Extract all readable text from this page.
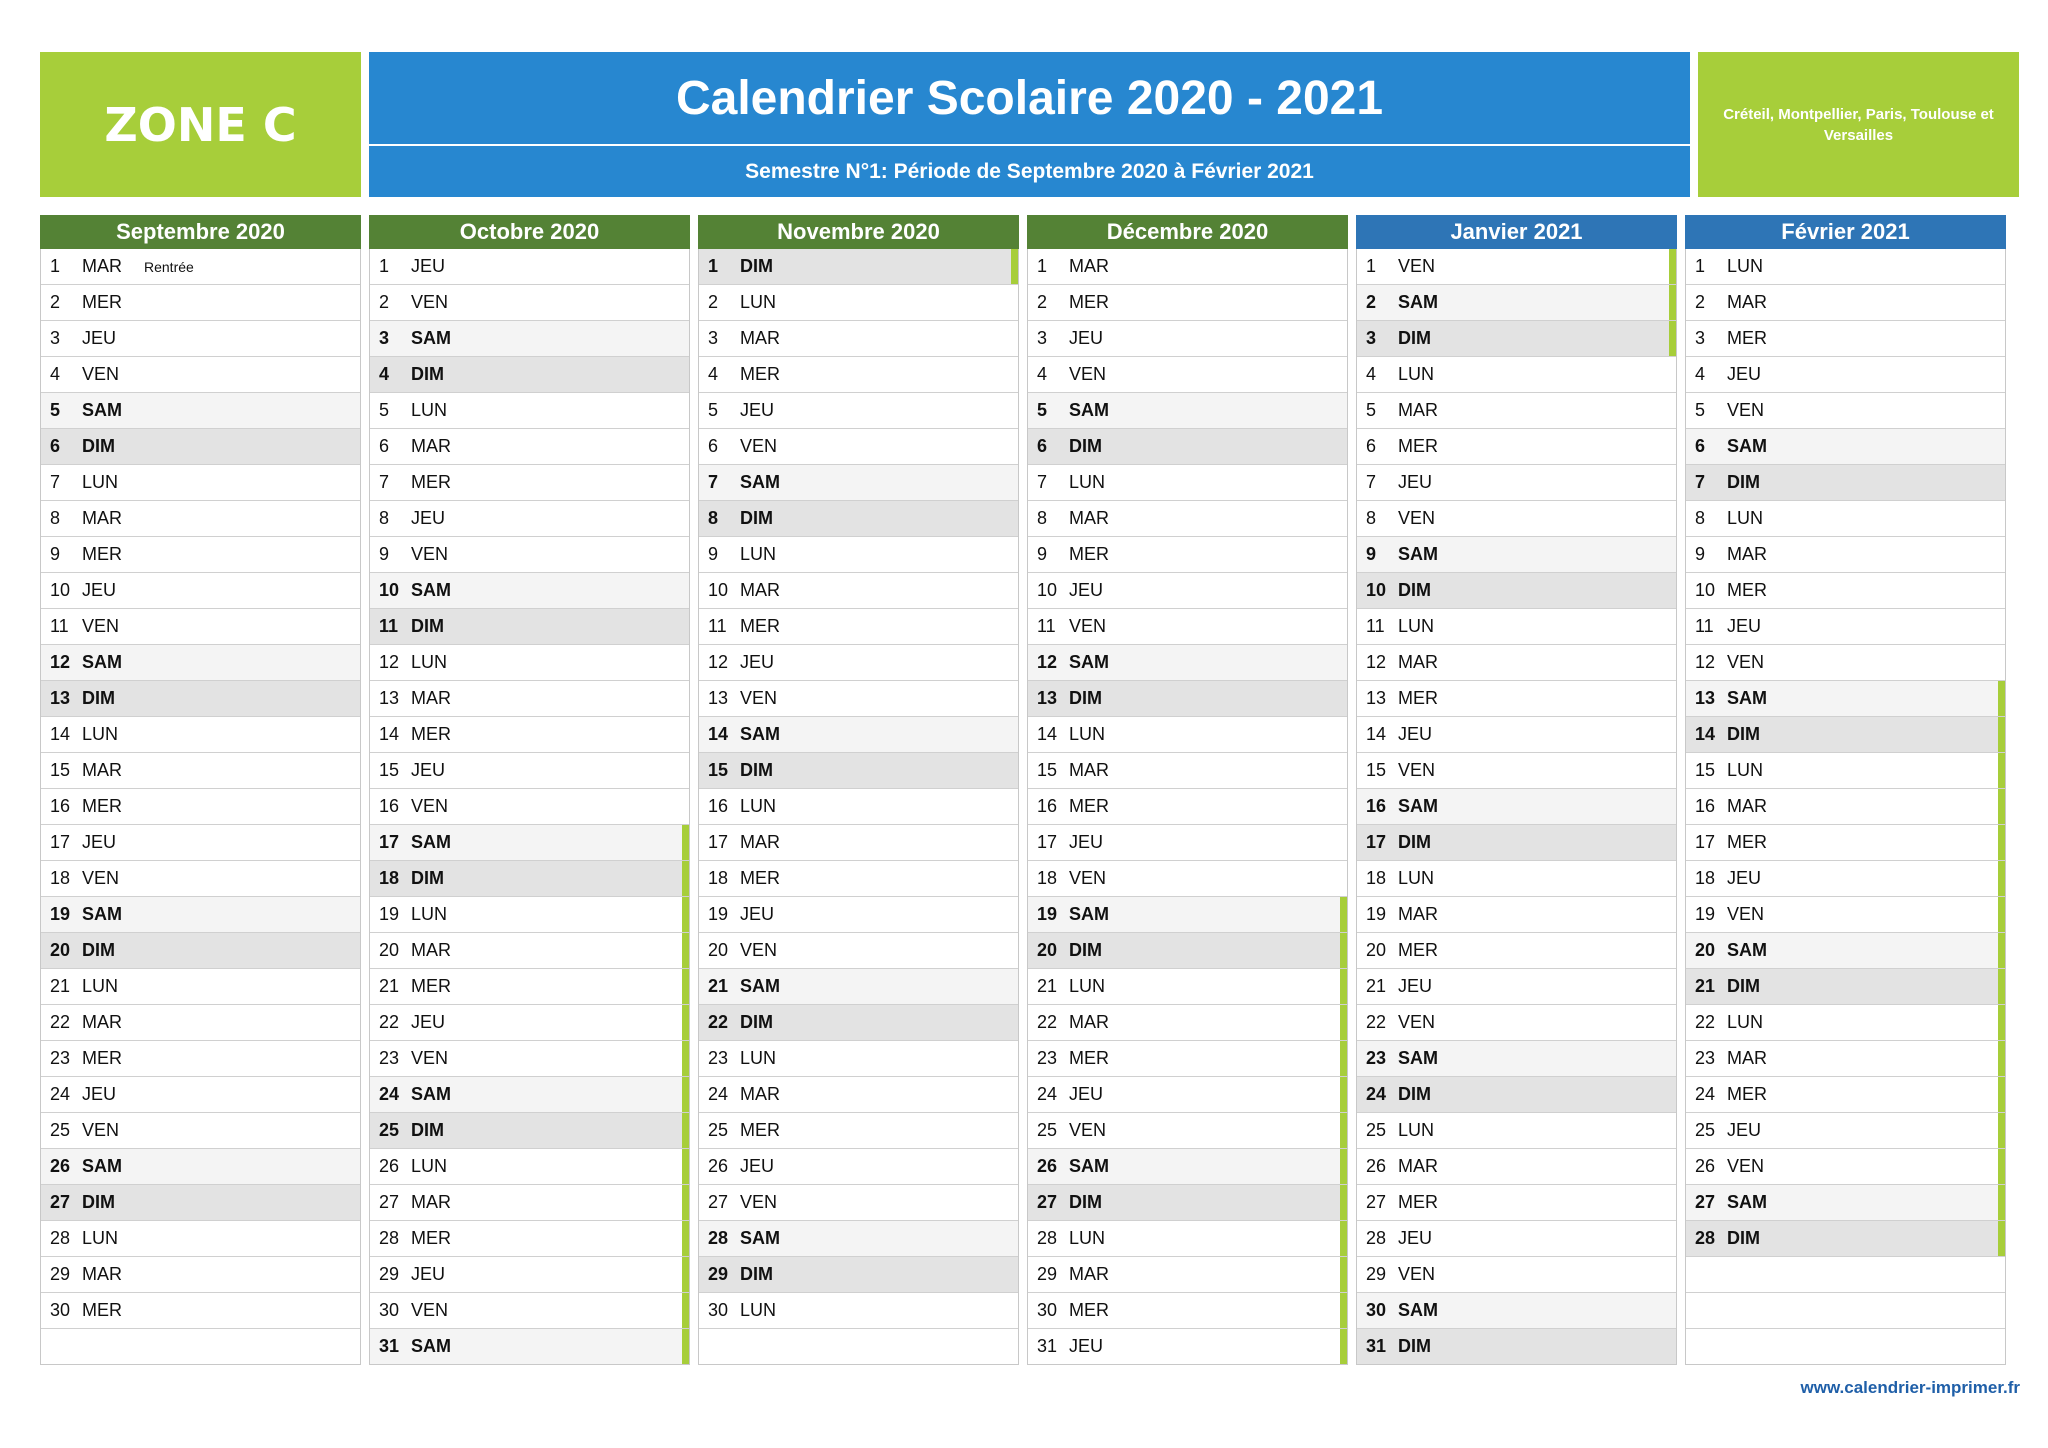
ZONE C	Calendrier Scolaire 2020 - 2021
Semestre N°1: Période de Septembre 2020 à Février 2021
Créteil, Montpellier, Paris, Toulouse et Versailles
Septembre 2020
1	MAR	Rentrée
2	MER
3	JEU
4	VEN
5	SAM
6	DIM
7	LUN
8	MAR
9	MER
10 JEU
11 VEN
12 SAM
13 DIM
14 LUN
15 MAR
16 MER
17 JEU
18 VEN
19 SAM
20 DIM
21 LUN
22 MAR
23 MER
24 JEU
25 VEN
26 SAM
27 DIM
28 LUN
29 MAR
30 MER
Octobre 2020
1	JEU
2	VEN
3	SAM
4	DIM
5	LUN
6	MAR
7	MER
8	JEU
9	VEN
10 SAM
11 DIM
12 LUN
13 MAR
14 MER
15 JEU
16 VEN
17 SAM
18 DIM
19 LUN
20 MAR
21 MER
22 JEU
23 VEN
24 SAM
25 DIM
26 LUN
27 MAR
28 MER
29 JEU
30 VEN
31 SAM
Novembre 2020
1	DIM
2	LUN
3	MAR
4	MER
5	JEU
6	VEN
7	SAM
8	DIM
9	LUN
10 MAR
11 MER
12 JEU
13 VEN
14 SAM
15 DIM
16 LUN
17 MAR
18 MER
19 JEU
20 VEN
21 SAM
22 DIM
23 LUN
24 MAR
25 MER
26 JEU
27 VEN
28 SAM
29 DIM
30 LUN
Décembre 2020
1	MAR
2	MER
3	JEU
4	VEN
5	SAM
6	DIM
7	LUN
8	MAR
9	MER
10 JEU
11 VEN
12 SAM
13 DIM
14 LUN
15 MAR
16 MER
17 JEU
18 VEN
19 SAM
20 DIM
21 LUN
22 MAR
23 MER
24 JEU
25 VEN
26 SAM
27 DIM
28 LUN
29 MAR
30 MER
31 JEU
Janvier 2021
1	VEN
2	SAM
3	DIM
4	LUN
5	MAR
6	MER
7	JEU
8	VEN
9	SAM
10 DIM
11 LUN
12 MAR
13 MER
14 JEU
15 VEN
16 SAM
17 DIM
18 LUN
19 MAR
20 MER
21 JEU
22 VEN
23 SAM
24 DIM
25 LUN
26 MAR
27 MER
28 JEU
29 VEN
30 SAM
31 DIM
Février 2021
1	LUN
2	MAR
3	MER
4	JEU
5	VEN
6	SAM
7	DIM
8	LUN
9	MAR
10 MER
11 JEU
12 VEN
13 SAM
14 DIM
15 LUN
16 MAR
17 MER
18 JEU
19 VEN
20 SAM
21 DIM
22 LUN
23 MAR
24 MER
25 JEU
26 VEN
27 SAM
28 DIM
www.calendrier-imprimer.fr
